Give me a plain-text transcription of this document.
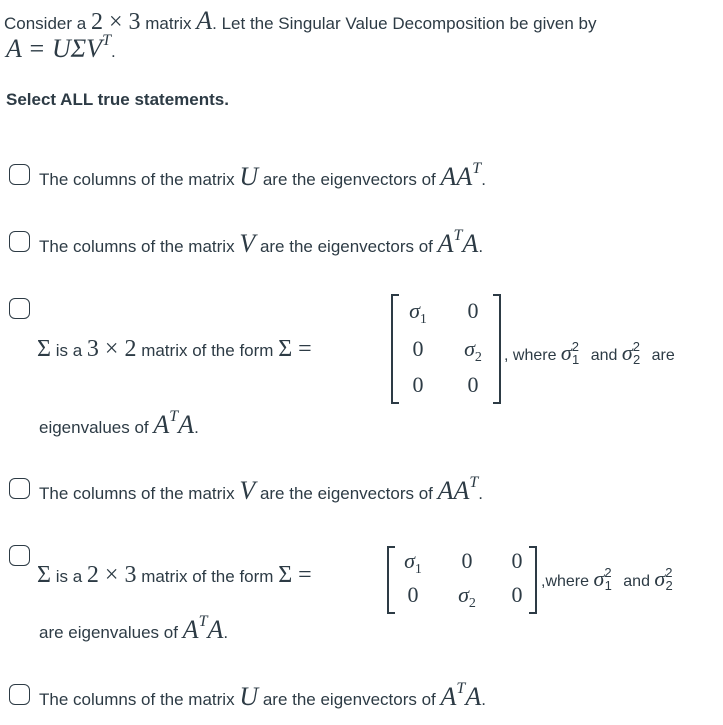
Consider a 2 × 3 matrix A. Let the Singular Value Decomposition be given by
A = UΣVT.
Select ALL true statements.
The columns of the matrix U are the eigenvectors of AAT.
The columns of the matrix V are the eigenvectors of ATA.
Σ is a 3 × 2 matrix of the form Σ =
$\sigma_1$	0
0	$\sigma_2$
0	0
, where $\sigma^2_1$ and $\sigma^2_2$ are
eigenvalues of ATA.
The columns of the matrix V are the eigenvectors of AAT.
Σ is a 2 × 3 matrix of the form Σ =
$\sigma_1$	0	0
0	$\sigma_2$	0
,where $\sigma^2_1$ and $\sigma^2_2$
are eigenvalues of ATA.
The columns of the matrix U are the eigenvectors of ATA.
